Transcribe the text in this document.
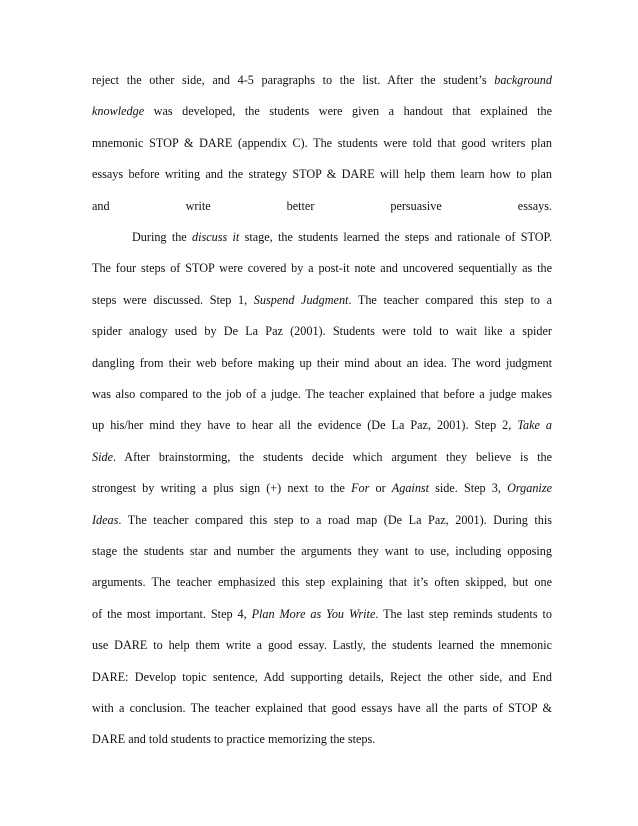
reject the other side, and 4-5 paragraphs to the list. After the student’s background
knowledge was developed, the students were given a handout that explained the
mnemonic STOP & DARE (appendix C). The students were told that good writers plan
essays before writing and the strategy STOP & DARE will help them learn how to plan
and write better persuasive essays.
During the discuss it stage, the students learned the steps and rationale of STOP.
The four steps of STOP were covered by a post-it note and uncovered sequentially as the
steps were discussed. Step 1, Suspend Judgment. The teacher compared this step to a
spider analogy used by De La Paz (2001). Students were told to wait like a spider
dangling from their web before making up their mind about an idea. The word judgment
was also compared to the job of a judge. The teacher explained that before a judge makes
up his/her mind they have to hear all the evidence (De La Paz, 2001). Step 2, Take a
Side. After brainstorming, the students decide which argument they believe is the
strongest by writing a plus sign (+) next to the For or Against side. Step 3, Organize
Ideas. The teacher compared this step to a road map (De La Paz, 2001). During this
stage the students star and number the arguments they want to use, including opposing
arguments. The teacher emphasized this step explaining that it’s often skipped, but one
of the most important. Step 4, Plan More as You Write. The last step reminds students to
use DARE to help them write a good essay. Lastly, the students learned the mnemonic
DARE: Develop topic sentence, Add supporting details, Reject the other side, and End
with a conclusion. The teacher explained that good essays have all the parts of STOP &
DARE and told students to practice memorizing the steps.
